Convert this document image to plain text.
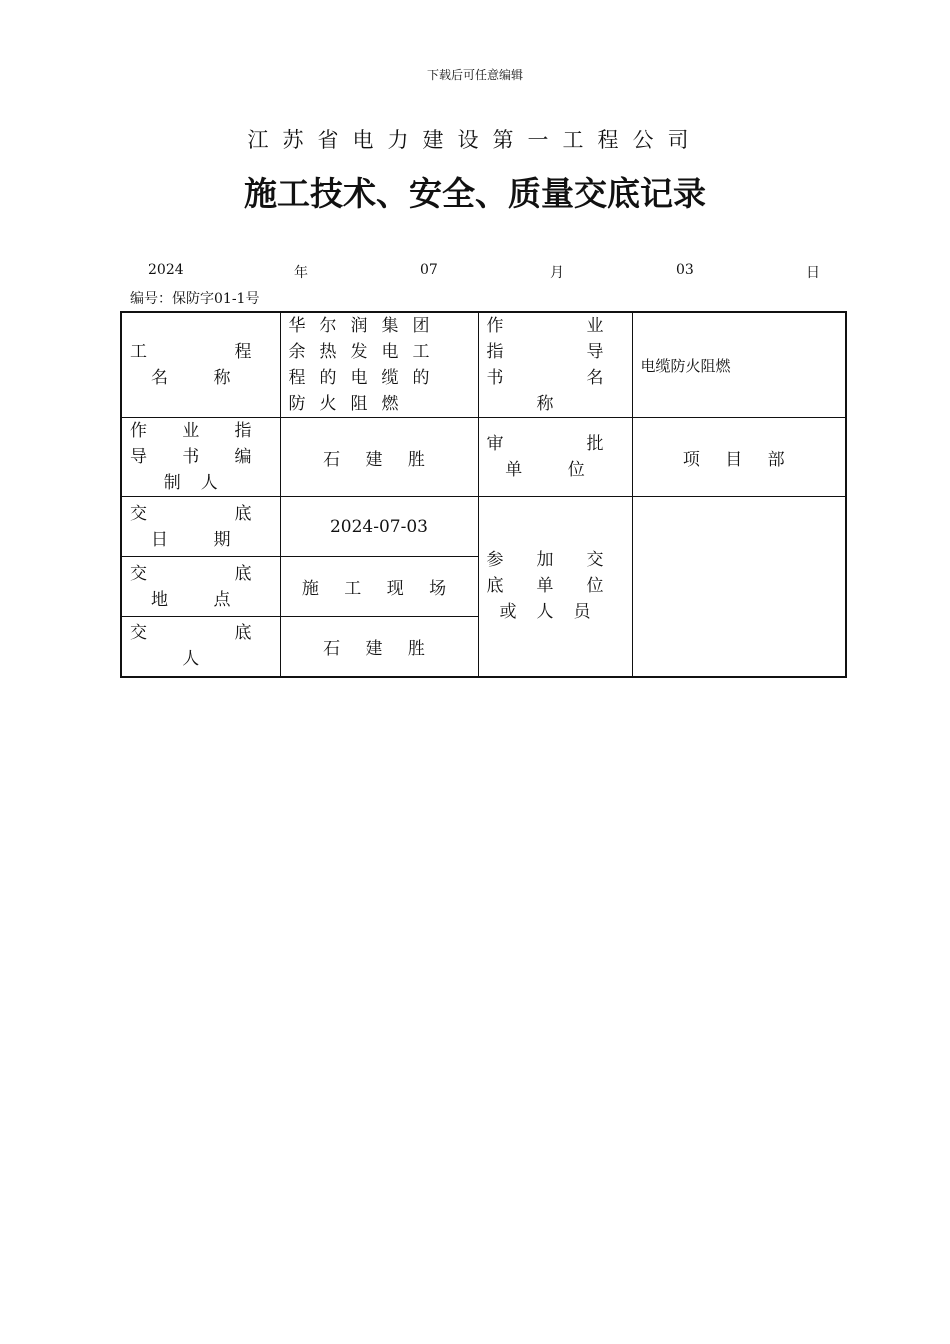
下载后可任意编辑
江苏省电力建设第一工程公司
施工技术、安全、质量交底记录
2024	年	07	月	03	日
编号：保防字01-1号
工 程 名 称	华尔润集团余热发电工程的电缆的防火阻燃	作 业 指 导 书 名 称	电缆防火阻燃
作业指导书编制人	石 建 胜	审 批 单 位	项 目 部
交 底 日 期	2024-07-03	参加交底单位或人员	
交 底 地 点	施 工 现 场		
交 底 人	石 建 胜		
